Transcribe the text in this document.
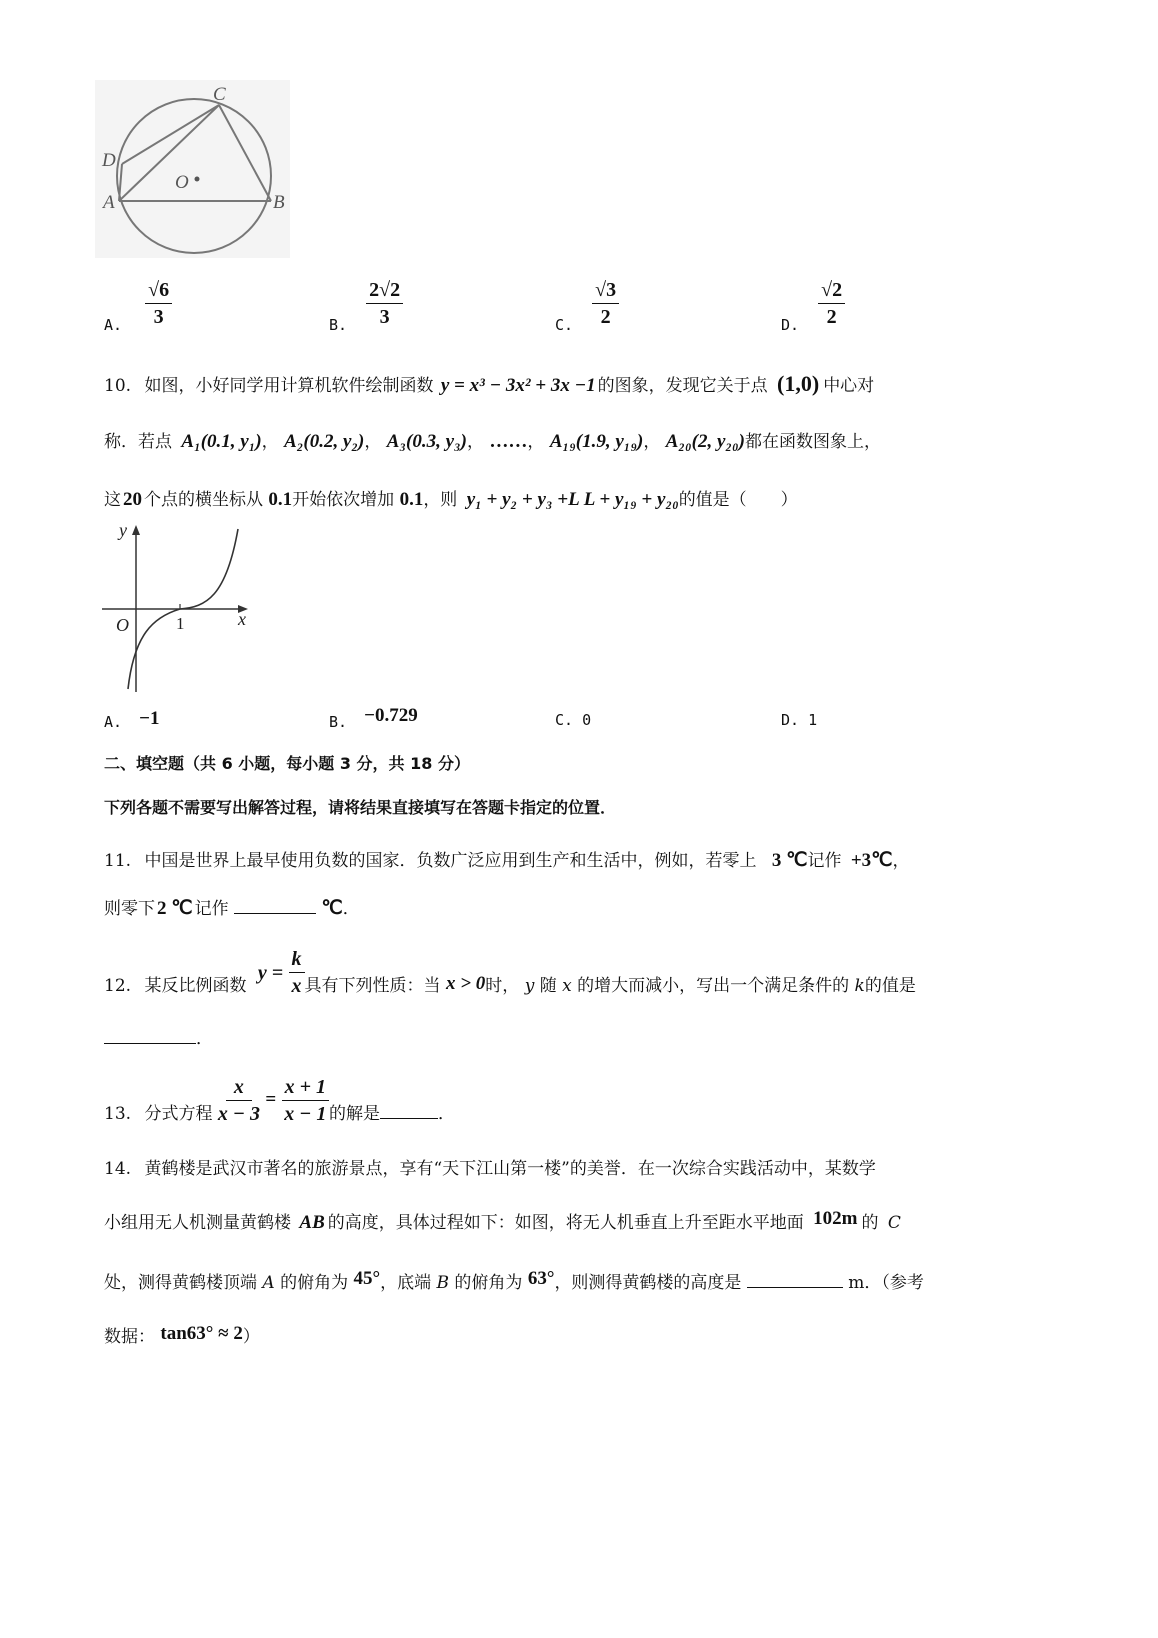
C
D
O
A	B
A. $\frac{√6}{3}$	B. $\frac{2√2}{3}$	C. $\frac{√3}{2}$	D. $\frac{√2}{2}$
10. 如图，小好同学用计算机软件绘制函数 y = x³ − 3x² + 3x −1 的图象，发现它关于点 (1,0) 中心对
称．若点 A₁(0.1, y₁)， A₂(0.2, y₂)， A₃(0.3, y₃)， ……， A₁₉(1.9, y₁₉)， A₂₀(2, y₂₀)都在函数图象上，
这 20 个点的横坐标从 0.1开始依次增加 0.1，则 y₁ + y₂ + y₃ +L L + y₁₉ + y₂₀的值是（　　）
y
x
O	1
A. −1	B. −0.729	C. 0	D. 1
二、填空题（共 6 小题，每小题 3 分，共 18 分）
下列各题不需要写出解答过程，请将结果直接填写在答题卡指定的位置．
11. 中国是世界上最早使用负数的国家．负数广泛应用到生产和生活中，例如，若零上 3 ℃记作 +3℃，
则零下 2 ℃ 记作	℃．
12. 某反比例函数 $y = \frac{k}{x}$ 具有下列性质：当 x > 0时， y 随 x 的增大而减小，写出一个满足条件的 k的值是
．
13. 分式方程 $\frac{x}{x - 3} = \frac{x + 1}{x - 1}$ 的解是	．
14. 黄鹤楼是武汉市著名的旅游景点，享有“天下江山第一楼”的美誉．在一次综合实践活动中，某数学
小组用无人机测量黄鹤楼 AB 的高度，具体过程如下：如图，将无人机垂直上升至距水平地面 102m 的 C
处，测得黄鹤楼顶端 A 的俯角为 45°，底端 B 的俯角为 63°，则测得黄鹤楼的高度是	m．（参考
数据： tan63° ≈ 2）
